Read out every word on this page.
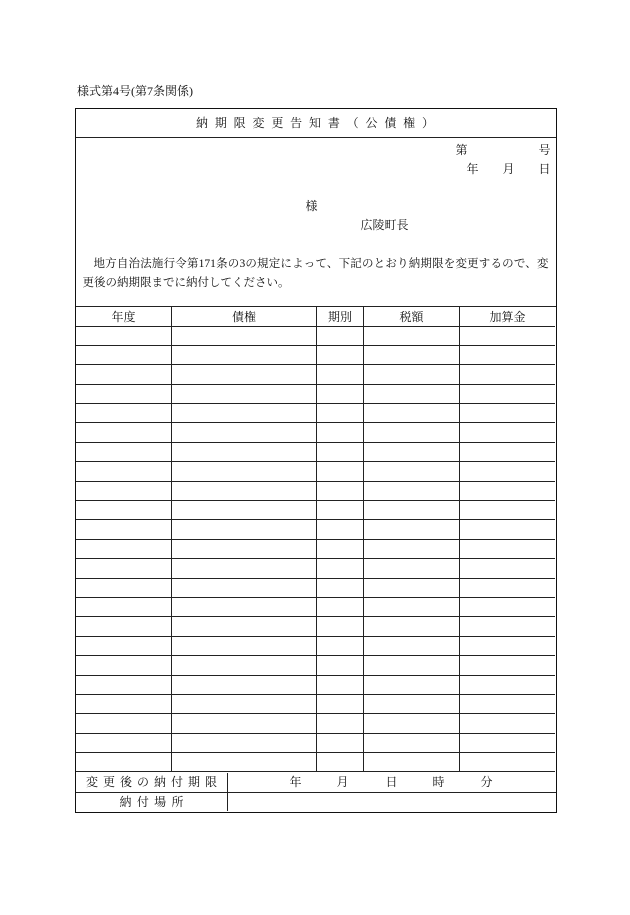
様式第4号(第7条関係)
納期限変更告知書（公債権）
第	号
年 月 日
様
広陵町長
地方自治法施行令第171条の3の規定によって、下記のとおり納期限を変更するので、変
更後の納期限までに納付してください。
年度	債権	期別	税額	加算金

変更後の納付期限	年	月	日	時	分
納付場所
